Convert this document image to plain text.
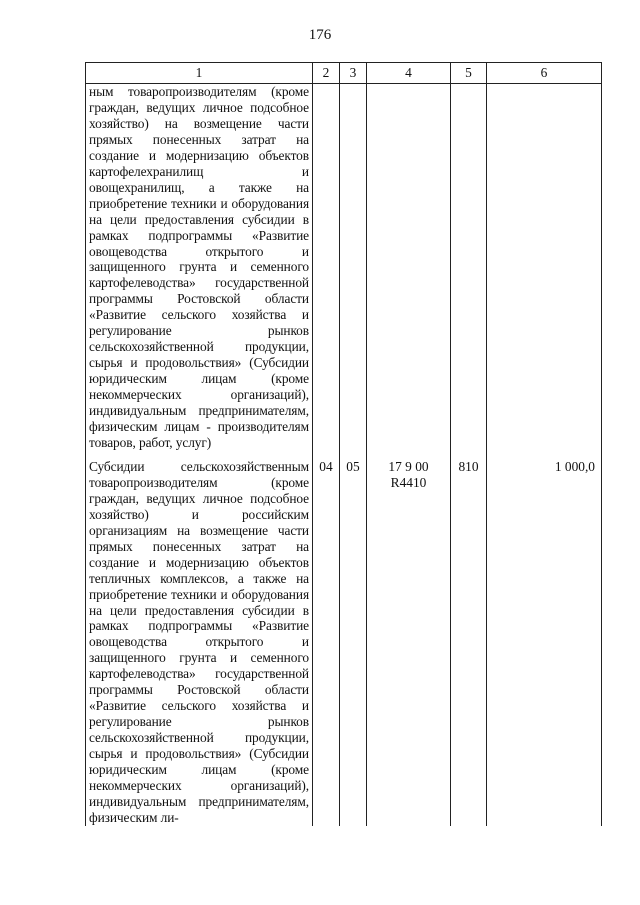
176
1	2	3	4	5	6
ным товаропроизводителям (кроме граждан, ведущих личное подсобное хозяйство) на возмещение части прямых понесенных затрат на создание и модернизацию объектов картофелехранилищ и овощехранилищ, а также на приобретение техники и оборудования на цели предоставления субсидии в рамках подпрограммы «Развитие овощеводства открытого и защищенного грунта и семенного картофелеводства» государственной программы Ростовской области «Развитие сельского хозяйства и регулирование рынков сельскохозяйственной продукции, сырья и продовольствия» (Субсидии юридическим лицам (кроме некоммерческих организаций), индивидуальным предпринимателям, физическим лицам - производителям товаров, работ, услуг)					
Субсидии сельскохозяйственным товаропроизводителям (кроме граждан, ведущих личное подсобное хозяйство) и российским организациям на возмещение части прямых понесенных затрат на создание и модернизацию объектов тепличных комплексов, а также на приобретение техники и оборудования на цели предоставления субсидии в рамках подпрограммы «Развитие овощеводства открытого и защищенного грунта и семенного картофелеводства» государственной программы Ростовской области «Развитие сельского хозяйства и регулирование рынков сельскохозяйственной продукции, сырья и продовольствия» (Субсидии юридическим лицам (кроме некоммерческих организаций), индивидуальным предпринимателям, физическим ли-	04	05	17 9 00 R4410	810	1 000,0
